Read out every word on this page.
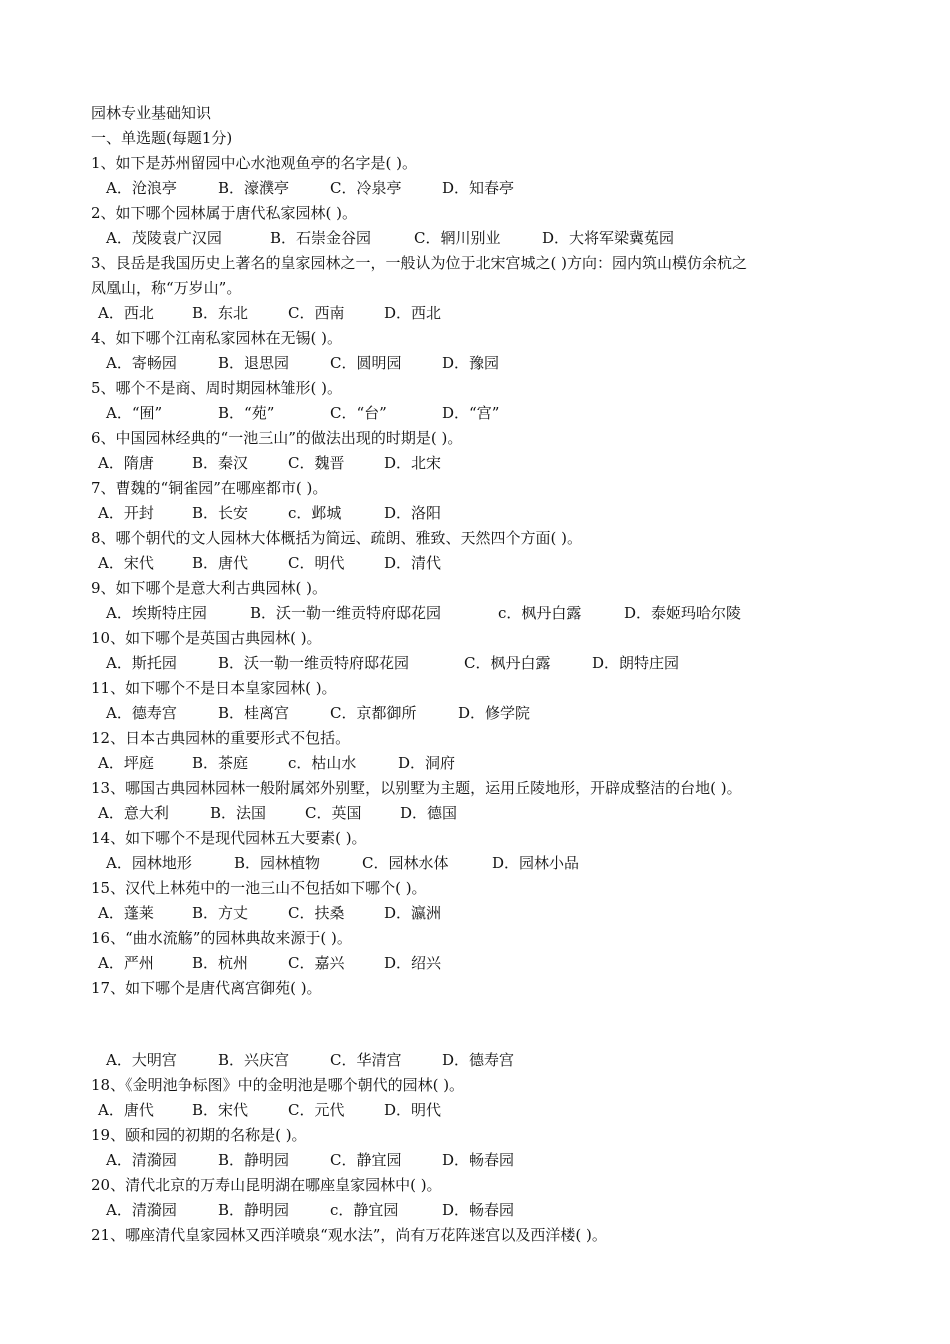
园林专业基础知识
一、单选题(每题1分)
1、如下是苏州留园中心水池观鱼亭的名字是( )。
A．沧浪亭	B．濠濮亭	C．冷泉亭	D．知春亭
2、如下哪个园林属于唐代私家园林( )。
A．茂陵袁广汉园	B．石崇金谷园	C．辋川别业	D．大将军梁冀菟园
3、艮岳是我国历史上著名的皇家园林之一，一般认为位于北宋宫城之( )方向：园内筑山模仿余杭之
凤凰山，称“万岁山”。
A．西北	B．东北	C．西南	D．西北
4、如下哪个江南私家园林在无锡( )。
A．寄畅园	B．退思园	C．圆明园	D．豫园
5、哪个不是商、周时期园林雏形( )。
A．“囿”	B．“苑”	C．“台”	D．“宫”
6、中国园林经典的“一池三山”的做法出现的时期是( )。
A．隋唐	B．秦汉	C．魏晋	D．北宋
7、曹魏的“铜雀园”在哪座都市( )。
A．开封	B．长安	c．邺城	D．洛阳
8、哪个朝代的文人园林大体概括为简远、疏朗、雅致、天然四个方面( )。
A．宋代	B．唐代	C．明代	D．清代
9、如下哪个是意大利古典园林( )。
A．埃斯特庄园	B．沃一勒一维贡特府邸花园	c．枫丹白露	D．泰姬玛哈尔陵
10、如下哪个是英国古典园林( )。
A．斯托园	B．沃一勒一维贡特府邸花园	C．枫丹白露	D．朗特庄园
11、如下哪个不是日本皇家园林( )。
A．德寿宫	B．桂离宫	C．京都御所	D．修学院
12、日本古典园林的重要形式不包括。
A．坪庭	B．茶庭	c．枯山水	D．洞府
13、哪国古典园林园林一般附属郊外别墅，以别墅为主题，运用丘陵地形，开辟成整洁的台地( )。
A．意大利	B．法国	C．英国	D．德国
14、如下哪个不是现代园林五大要素( )。
A．园林地形	B．园林植物	C．园林水体	D．园林小品
15、汉代上林苑中的一池三山不包括如下哪个( )。
A．蓬莱	B．方丈	C．扶桑	D．瀛洲
16、“曲水流觞”的园林典故来源于( )。
A．严州	B．杭州	C．嘉兴	D．绍兴
17、如下哪个是唐代离宫御苑( )。
A．大明宫	B．兴庆宫	C．华清宫	D．德寿宫
18、《金明池争标图》中的金明池是哪个朝代的园林( )。
A．唐代	B．宋代	C．元代	D．明代
19、颐和园的初期的名称是( )。
A．清漪园	B．静明园	C．静宜园	D．畅春园
20、清代北京的万寿山昆明湖在哪座皇家园林中( )。
A．清漪园	B．静明园	c．静宜园	D．畅春园
21、哪座清代皇家园林又西洋喷泉“观水法”，尚有万花阵迷宫以及西洋楼( )。
